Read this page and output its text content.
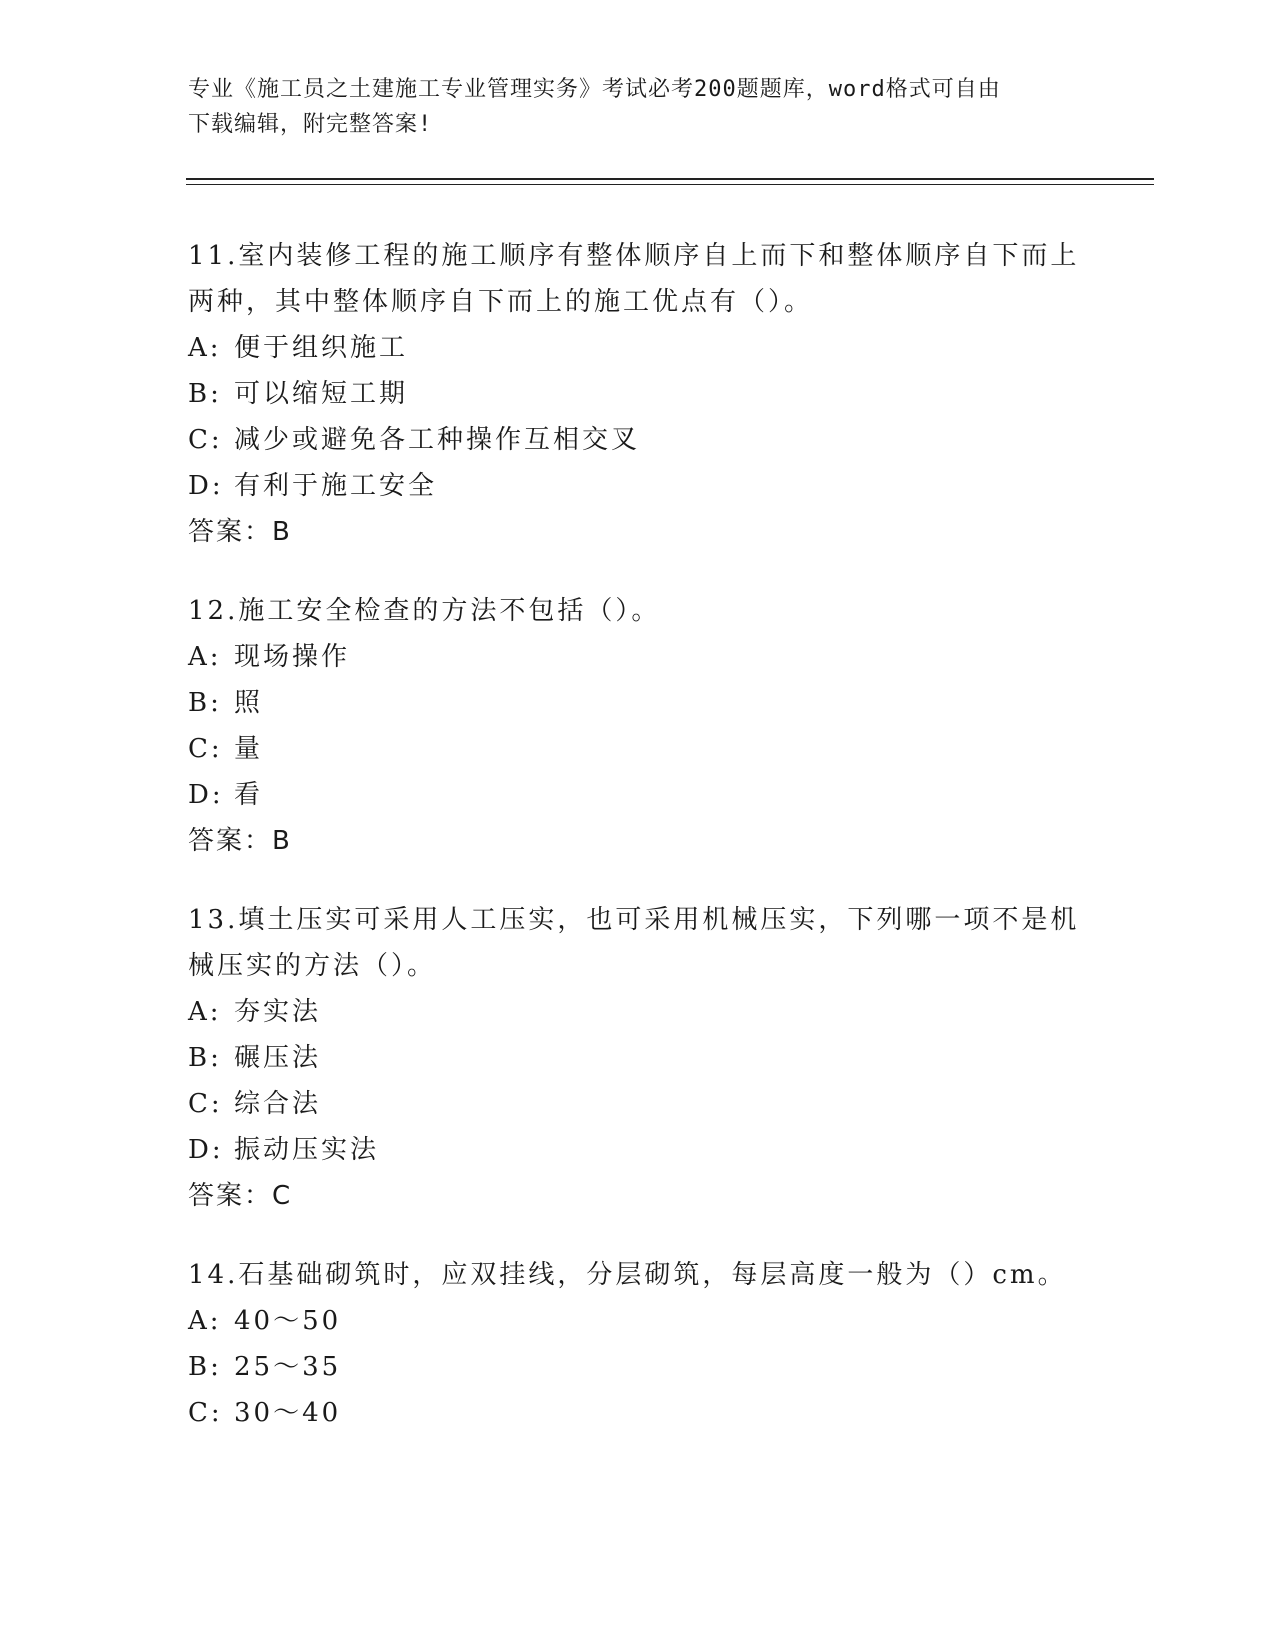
专业《施工员之土建施工专业管理实务》考试必考200题题库，word格式可自由
下载编辑，附完整答案!

11.室内装修工程的施工顺序有整体顺序自上而下和整体顺序自下而上

两种，其中整体顺序自下而上的施工优点有（）。

A: 便于组织施工

B: 可以缩短工期

C: 减少或避免各工种操作互相交叉

D: 有利于施工安全

答案：B

12.施工安全检查的方法不包括（）。

A: 现场操作

B: 照

C: 量

D: 看

答案：B

13.填土压实可采用人工压实，也可采用机械压实，下列哪一项不是机

械压实的方法（）。

A: 夯实法

B: 碾压法

C: 综合法

D: 振动压实法

答案：C

14.石基础砌筑时，应双挂线，分层砌筑，每层高度一般为（）cm。

A: 40～50

B: 25～35

C: 30～40
